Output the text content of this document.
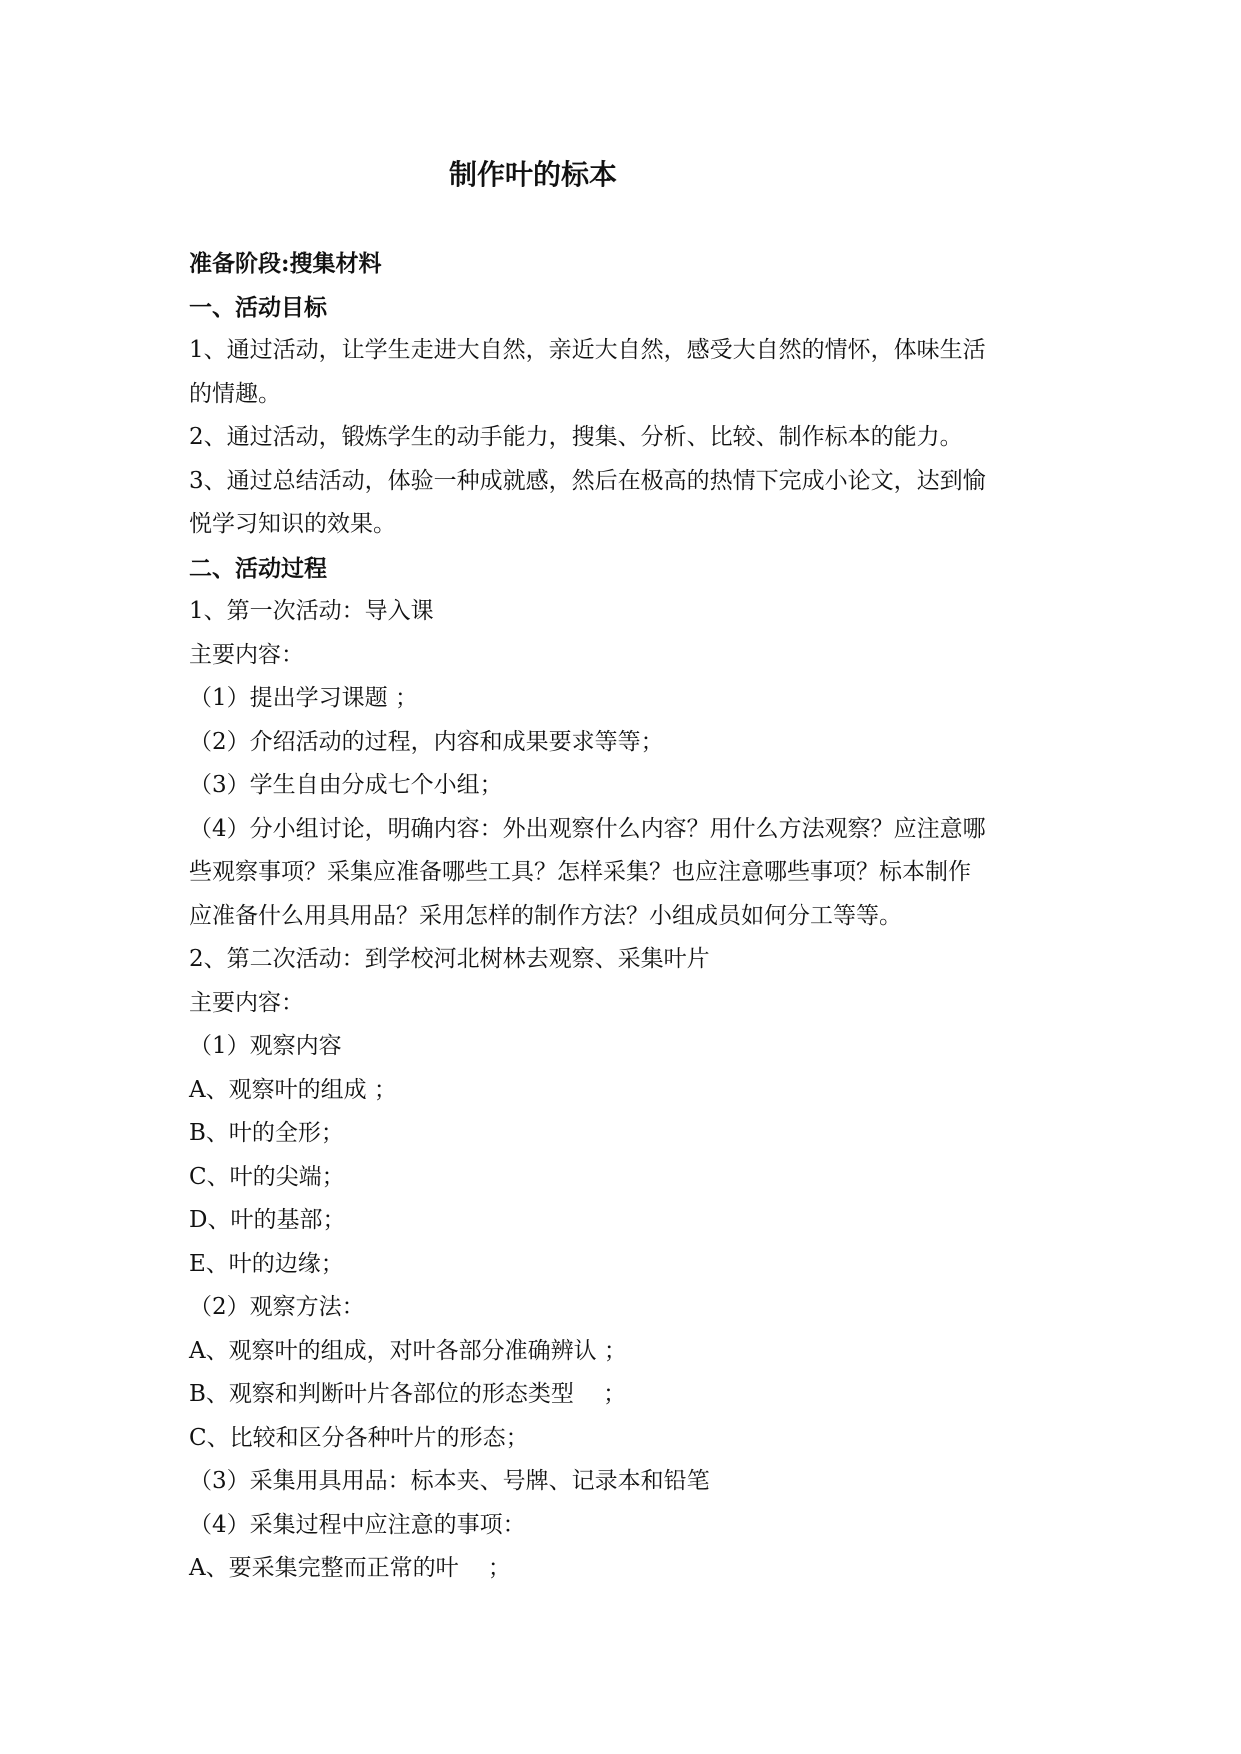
制作叶的标本

准备阶段:搜集材料

一、活动目标

1、通过活动，让学生走进大自然，亲近大自然，感受大自然的情怀，体味生活

的情趣。

2、通过活动，锻炼学生的动手能力，搜集、分析、比较、制作标本的能力。

3、通过总结活动，体验一种成就感，然后在极高的热情下完成小论文，达到愉

悦学习知识的效果。

二、活动过程

1、第一次活动：导入课

主要内容：

（1）提出学习课题 ；

（2）介绍活动的过程，内容和成果要求等等；

（3）学生自由分成七个小组；

（4）分小组讨论，明确内容：外出观察什么内容？用什么方法观察？应注意哪

些观察事项？采集应准备哪些工具？怎样采集？也应注意哪些事项？标本制作

应准备什么用具用品？采用怎样的制作方法？小组成员如何分工等等。

2、第二次活动：到学校河北树林去观察、采集叶片

主要内容：

（1）观察内容

A、观察叶的组成 ；

B、叶的全形；

C、叶的尖端；

D、叶的基部；

E、叶的边缘；

（2）观察方法：

A、观察叶的组成，对叶各部分准确辨认 ；

B、观察和判断叶片各部位的形态类型    ；

C、比较和区分各种叶片的形态；

（3）采集用具用品：标本夹、号牌、记录本和铅笔

（4）采集过程中应注意的事项：

A、要采集完整而正常的叶    ；
